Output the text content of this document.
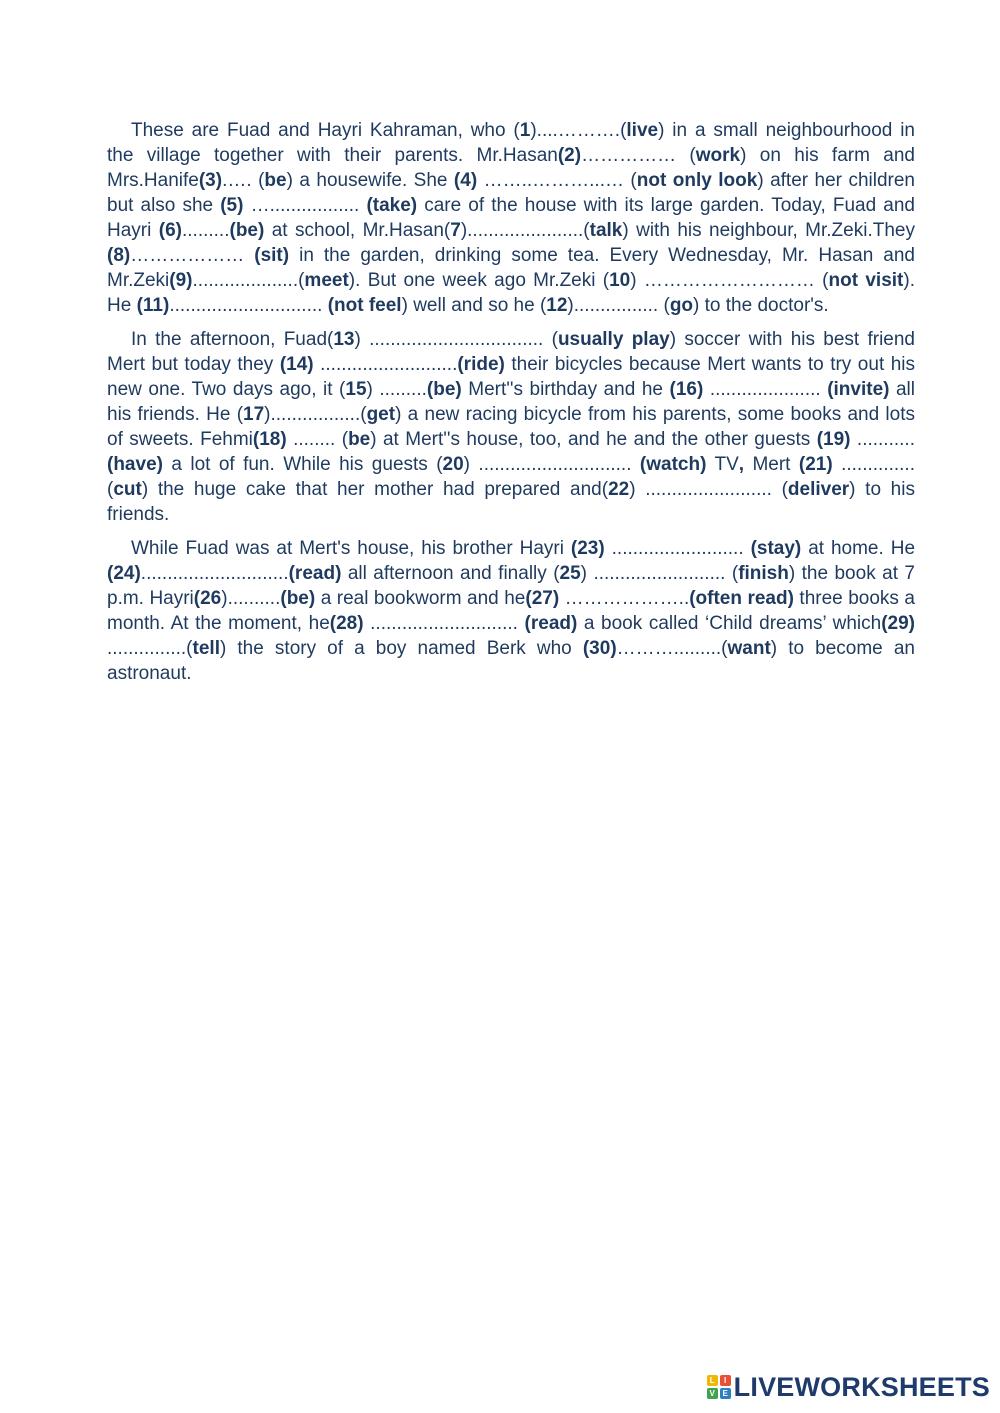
These are Fuad and Hayri Kahraman, who (1)....……….(live) in a small neighbourhood in the village together with their parents. Mr.Hasan(2)…………… (work) on his farm and Mrs.Hanife(3).…. (be) a housewife. She (4) ……..………...… (not only look) after her children but also she (5) …................. (take) care of the house with its large garden. Today, Fuad and Hayri (6).........(be) at school, Mr.Hasan(7)......................(talk) with his neighbour, Mr.Zeki.They (8)……………… (sit) in the garden, drinking some tea. Every Wednesday, Mr. Hasan and Mr.Zeki(9)....................(meet). But one week ago Mr.Zeki (10) ……………………… (not visit). He (11)............................. (not feel) well and so he (12)................ (go) to the doctor's.

In the afternoon, Fuad(13) ................................. (usually play) soccer with his best friend Mert but today they (14) ..........................(ride) their bicycles because Mert wants to try out his new one. Two days ago, it (15) .........(be) Mert''s birthday and he (16) ..................... (invite) all his friends. He (17).................(get) a new racing bicycle from his parents, some books and lots of sweets. Fehmi(18) ........ (be) at Mert''s house, too, and he and the other guests (19) ...........(have) a lot of fun. While his guests (20) ............................. (watch) TV, Mert (21) .............. (cut) the huge cake that her mother had prepared and(22) ........................ (deliver) to his friends.

While Fuad was at Mert's house, his brother Hayri (23) ......................... (stay) at home. He (24)............................(read) all afternoon and finally (25) ......................... (finish) the book at 7 p.m. Hayri(26)..........(be) a real bookworm and he(27) ………………..(often read) three books a month. At the moment, he(28) ............................ (read) a book called ‘Child dreams’ which(29) ...............(tell) the story of a boy named Berk who (30)……….........(want) to become an astronaut.

L	I
V E LIVEWORKSHEETS
